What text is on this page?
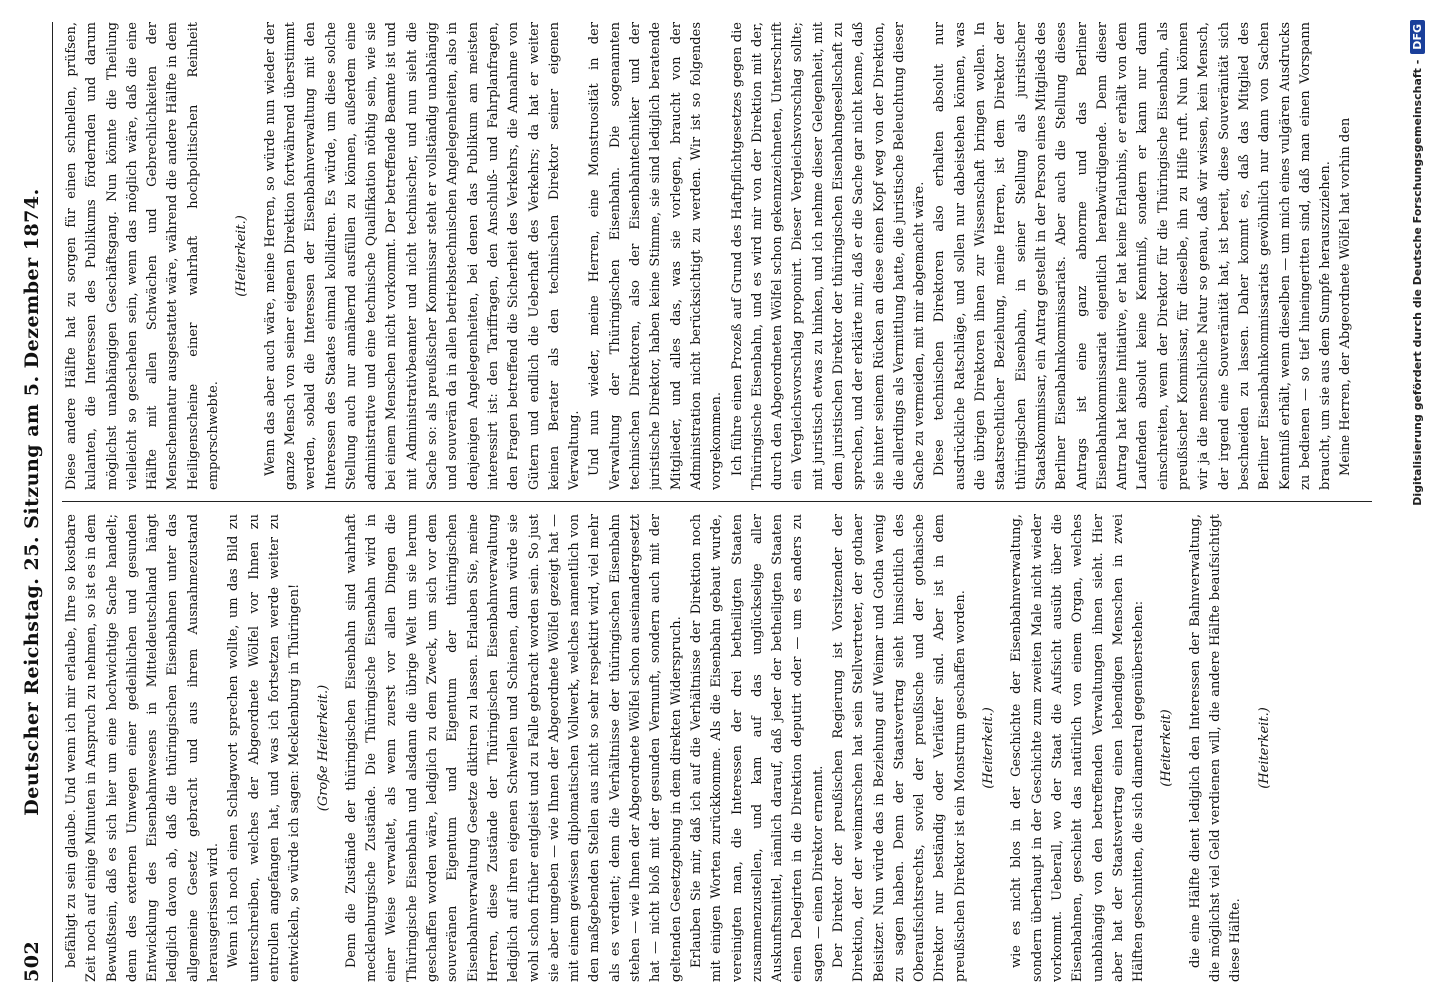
502
Deutscher Reichstag. 25. Sitzung am 5. Dezember 1874. befähigt zu sein glaube. Und wenn ich mir erlaube, Ihre so kostbare Zeit noch auf einige Minuten in Anspruch zu nehmen, so ist es in dem Bewußtsein, daß es sich hier um eine hochwichtige Sache handelt; denn des externen Umwegen einer gedeihlichen und gesunden Entwicklung des Eisenbahnwesens in Mitteldeutschland hängt lediglich davon ab, daß die thüringischen Eisenbahnen unter das allgemeine Gesetz gebracht und aus ihrem Ausnahmezustand herausgerissen wird. Wenn ich noch einen Schlagwort sprechen wollte, um das Bild zu unterschreiben, welches der Abgeordnete Wölfel vor Ihnen zu entrollen angefangen hat, und was ich fortsetzen werde weiter zu entwickeln, so würde ich sagen: Mecklenburg in Thüringen! (Große Heiterkeit.) Denn die Zustände der thüringischen Eisenbahn sind wahrhaft mecklenburgische Zustände. Die Thüringische Eisenbahn wird in einer Weise verwaltet, als wenn zuerst vor allen Dingen die Thüringische Eisenbahn und alsdann die übrige Welt um sie herum geschaffen worden wäre, lediglich zu dem Zweck, um sich vor dem souveränen Eigentum und Eigentum der thüringischen Eisenbahnverwaltung Gesetze diktiren zu lassen. Erlauben Sie, meine Herren, diese Zustände der Thüringischen Eisenbahnverwaltung lediglich auf ihren eigenen Schwellen und Schienen, dann würde sie wohl schon früher entgleist und zu Falle gebracht worden sein. So just sie aber umgeben — wie Ihnen der Abgeordnete Wölfel gezeigt hat — mit einem gewissen diplomatischen Vollwerk, welches namentlich von den maßgebenden Stellen aus nicht so sehr respektirt wird, viel mehr als es verdient; denn die Verhältnisse der thüringischen Eisenbahn stehen — wie Ihnen der Abgeordnete Wölfel schon auseinandergesetzt hat — nicht bloß mit der gesunden Vernunft, sondern auch mit der geltenden Gesetzgebung in dem direkten Widerspruch. Erlauben Sie mir, daß ich auf die Verhältnisse der Direktion noch mit einigen Worten zurückkomme. Als die Eisenbahn gebaut wurde, vereinigten man, die Interessen der drei betheiligten Staaten zusammenzustellen, und kam auf das unglückselige aller Auskunftsmittel, nämlich darauf, daß jeder der betheiligten Staaten einen Delegirten in die Direktion deputirt oder — um es anders zu sagen — einen Direktor ernennt. Der Direktor der preußischen Regierung ist Vorsitzender der Direktion, der der weimarschen hat sein Stellvertreter, der gothaer Beisitzer. Nun würde das in Beziehung auf Weimar und Gotha wenig zu sagen haben. Denn der Staatsvertrag sieht hinsichtlich des Oberaufsichtsrechts, soviel der preußische und der gothaische Direktor nur beständig oder Verläufer sind. Aber ist in dem preußischen Direktor ist ein Monstrum geschaffen worden. (Heiterkeit.) wie es nicht blos in der Geschichte der Eisenbahnverwaltung, sondern überhaupt in der Geschichte zum zweiten Male nicht wieder vorkommt. Ueberall, wo der Staat die Aufsicht ausübt über die Eisenbahnen, geschieht das natürlich von einem Organ, welches unabhängig von den betreffenden Verwaltungen ihnen sieht. Hier aber hat der Staatsvertrag einen lebendigen Menschen in zwei Hälften geschnitten, die sich diametral gegenüberstehen: (Heiterkeit) die eine Hälfte dient lediglich den Interessen der Bahnverwaltung, die möglichst viel Geld verdienen will, die andere Hälfte beaufsichtigt diese Hälfte.

(Heiterkeit.)

Diese andere Hälfte hat zu sorgen für einen schnellen, prüfsen, kulanten, die Interessen des Publikums fördernden und darum möglichst unabhängigen Geschäftsgang. Nun könnte die Theilung vielleicht so geschehen sein, wenn das möglich wäre, daß die eine Hälfte mit allen Schwächen und Gebrechlichkeiten der Menschennatur ausgestattet wäre, während die andere Hälfte in dem Heiligenscheine einer wahrhaft hochpolitischen Reinheit emporschwebte.

(Heiterkeit.) Wenn das aber auch wäre, meine Herren, so würde nun wieder der ganze Mensch von seiner eigenen Direktion fortwährend überstimmt werden, sobald die Interessen der Eisenbahnverwaltung mit den Interessen des Staates einmal kollidiren. Es würde, um diese solche Stellung auch nur annähernd ausfüllen zu können, außerdem eine administrative und eine technische Qualifikation nöthig sein, wie sie bei einem Menschen nicht vorkommt. Der betreffende Beamte ist und mit Administrativbeamter und nicht technischer, und nun sieht die Sache so: als preußischer Kommissar steht er vollständig unabhängig und souverän da in allen betriebstechnischen Angelegenheiten, also in denjenigen Angelegenheiten, bei denen das Publikum am meisten interessirt ist: den Tariffragen, den Anschluß- und Fahrplanfragen, den Fragen betreffend die Sicherheit des Verkehrs, die Annahme von Gütern und endlich die Ueberhaft des Verkehrs; da hat er weiter keinen Berater als den technischen Direktor seiner eigenen Verwaltung. Und nun wieder, meine Herren, eine Monstruosität in der Verwaltung der Thüringischen Eisenbahn. Die sogenannten technischen Direktoren, also der Eisenbahntechniker und der juristische Direktor, haben keine Stimme, sie sind lediglich beratende Mitglieder, und alles das, was sie vorlegen, braucht von der Administration nicht berücksichtigt zu werden. Wir ist so folgendes vorgekommen. Ich führe einen Prozeß auf Grund des Haftpflichtgesetzes gegen die Thüringische Eisenbahn, und es wird mir von der Direktion mit der, durch den Abgeordneten Wölfel schon gekennzeichneten, Unterschrift ein Vergleichsvorschlag proponirt. Dieser Vergleichsvorschlag sollte; mit juristisch etwas zu hinken, und ich nehme dieser Gelegenheit, mit dem juristischen Direktor der thüringischen Eisenbahngesellschaft zu sprechen, und der erklärte mir, daß er die Sache gar nicht kenne, daß sie hinter seinem Rücken an diese einen Kopf weg von der Direktion, die allerdings als Vermittlung hatte, die juristische Beleuchtung dieser Sache zu vermeiden, mit mir abgemacht wäre. Diese technischen Direktoren also erhalten absolut nur ausdrückliche Ratschläge, und sollen nur dabeistehen können, was die übrigen Direktoren ihnen zur Wissenschaft bringen wollen. In staatsrechtlicher Beziehung, meine Herren, ist dem Direktor der thüringischen Eisenbahn, in seiner Stellung als juristischer Staatskommissar, ein Antrag gestellt in der Person eines Mitglieds des Berliner Eisenbahnkommissariats. Aber auch die Stellung dieses Antrags ist eine ganz abnorme und das Berliner Eisenbahnkommissariat eigentlich herabwürdigende. Denn dieser Antrag hat keine Initiative, er hat keine Erlaubnis, er erhält von dem Laufenden absolut keine Kenntniß, sondern er kann nur dann einschreiten, wenn der Direktor für die Thüringische Eisenbahn, als preußischer Kommissar, für dieselbe, ihn zu Hilfe ruft. Nun können wir ja die menschliche Natur so genau, daß wir wissen, kein Mensch, der irgend eine Souveränität hat, ist bereit, diese Souveränität sich beschneiden zu lassen. Daher kommt es, daß das Mitglied des Berliner Eisenbahnkommissariats gewöhnlich nur dann von Sachen Kenntniß erhält, wenn dieselben — um mich eines vulgären Ausdrucks zu bedienen — so tief hineingeritten sind, daß man einen Vorspann braucht, um sie aus dem Sumpfe herauszuziehen. Meine Herren, der Abgeordnete Wölfel hat vorhin den	Digitalisierung gefördert durch die Deutsche Forschungsgemeinschaft -
DFG
